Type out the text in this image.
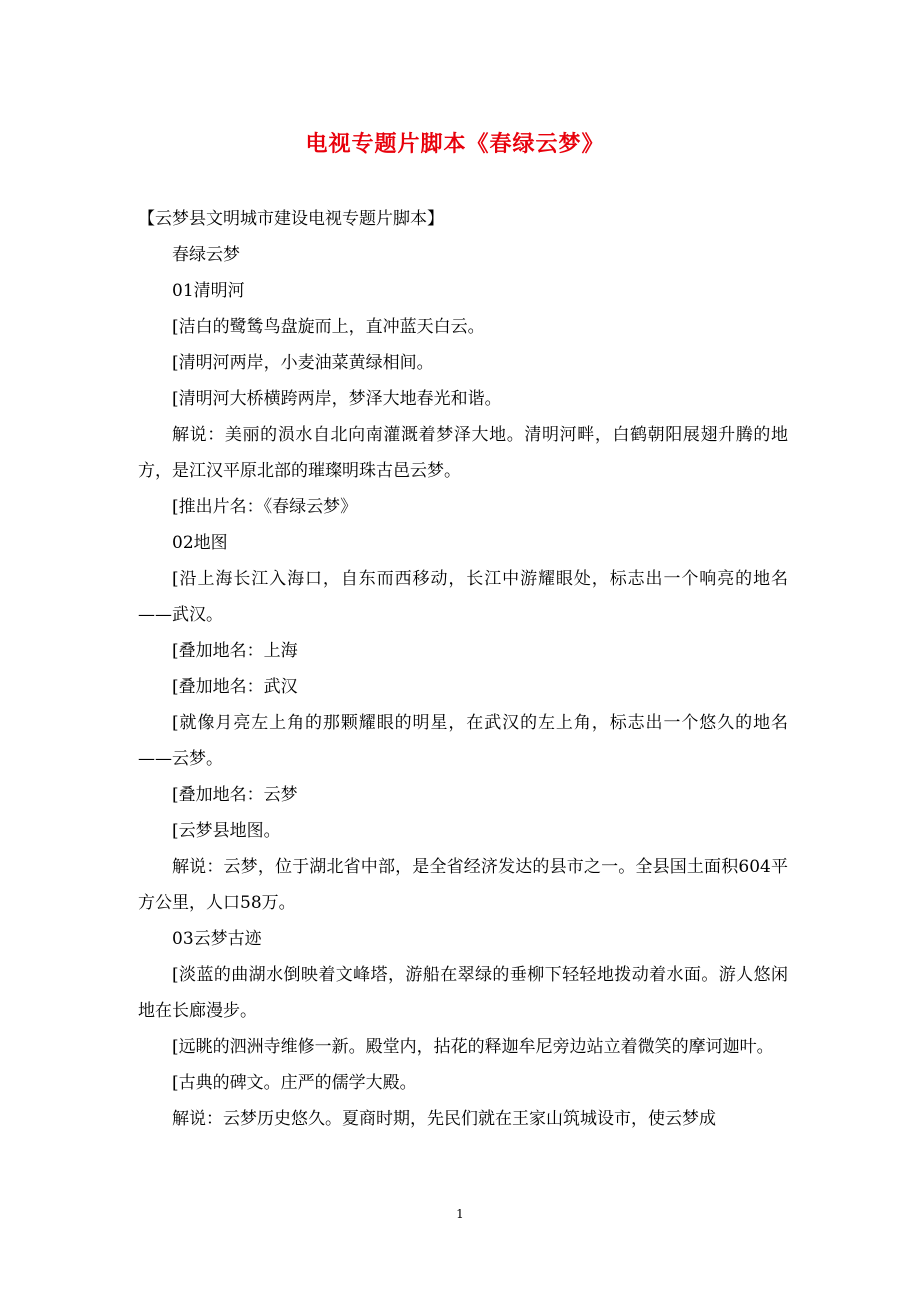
电视专题片脚本《春绿云梦》

【云梦县文明城市建设电视专题片脚本】

春绿云梦

01清明河

[洁白的鹭鸶鸟盘旋而上，直冲蓝天白云。

[清明河两岸，小麦油菜黄绿相间。

[清明河大桥横跨两岸，梦泽大地春光和谐。

解说：美丽的涢水自北向南灌溉着梦泽大地。清明河畔，白鹤朝阳展翅升腾的地方，是江汉平原北部的璀璨明珠古邑云梦。

[推出片名：《春绿云梦》

02地图

[沿上海长江入海口，自东而西移动，长江中游耀眼处，标志出一个响亮的地名——武汉。

[叠加地名：上海

[叠加地名：武汉

[就像月亮左上角的那颗耀眼的明星，在武汉的左上角，标志出一个悠久的地名——云梦。

[叠加地名：云梦

[云梦县地图。

解说：云梦，位于湖北省中部，是全省经济发达的县市之一。全县国土面积604平方公里，人口58万。

03云梦古迹

[淡蓝的曲湖水倒映着文峰塔，游船在翠绿的垂柳下轻轻地拨动着水面。游人悠闲地在长廊漫步。

[远眺的泗洲寺维修一新。殿堂内，拈花的释迦牟尼旁边站立着微笑的摩诃迦叶。

[古典的碑文。庄严的儒学大殿。

解说：云梦历史悠久。夏商时期，先民们就在王家山筑城设市，使云梦成

1
